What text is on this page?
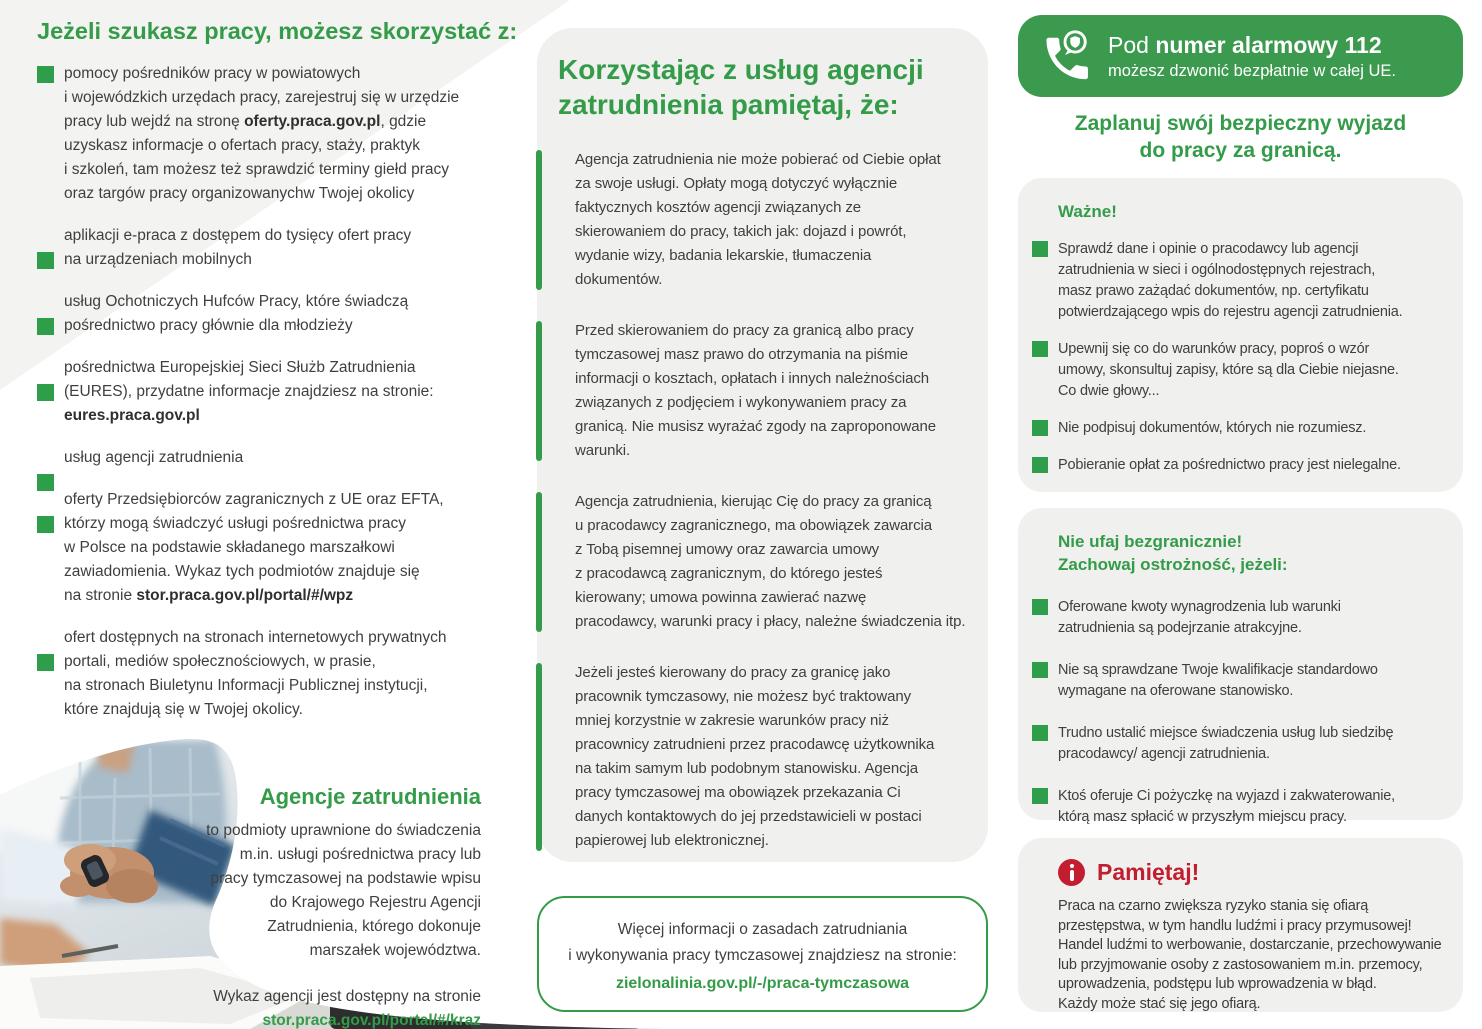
Jeżeli szukasz pracy, możesz skorzystać z:
pomocy pośredników pracy w powiatowych
i wojewódzkich urzędach pracy, zarejestruj się w urzędzie
pracy lub wejdź na stronę oferty.praca.gov.pl, gdzie
uzyskasz informacje o ofertach pracy, staży, praktyk
i szkoleń, tam możesz też sprawdzić terminy giełd pracy
oraz targów pracy organizowanychw Twojej okolicy
aplikacji e-praca z dostępem do tysięcy ofert pracy
na urządzeniach mobilnych
usług Ochotniczych Hufców Pracy, które świadczą
pośrednictwo pracy głównie dla młodzieży
pośrednictwa Europejskiej Sieci Służb Zatrudnienia
(EURES), przydatne informacje znajdziesz na stronie:
eures.praca.gov.pl
usług agencji zatrudnienia
oferty Przedsiębiorców zagranicznych z UE oraz EFTA,
którzy mogą świadczyć usługi pośrednictwa pracy
w Polsce na podstawie składanego marszałkowi
zawiadomienia. Wykaz tych podmiotów znajduje się
na stronie stor.praca.gov.pl/portal/#/wpz
ofert dostępnych na stronach internetowych prywatnych
portali, mediów społecznościowych, w prasie,
na stronach Biuletynu Informacji Publicznej instytucji,
które znajdują się w Twojej okolicy.
Agencje zatrudnienia
to podmioty uprawnione do świadczenia
m.in. usługi pośrednictwa pracy lub
pracy tymczasowej na podstawie wpisu
do Krajowego Rejestru Agencji
Zatrudnienia, którego dokonuje
marszałek województwa.
Wykaz agencji jest dostępny na stronie
stor.praca.gov.pl/portal/#/kraz
Korzystając z usług agencji
zatrudnienia pamiętaj, że:
Agencja zatrudnienia nie może pobierać od Ciebie opłat
za swoje usługi. Opłaty mogą dotyczyć wyłącznie
faktycznych kosztów agencji związanych ze
skierowaniem do pracy, takich jak: dojazd i powrót,
wydanie wizy, badania lekarskie, tłumaczenia
dokumentów.
Przed skierowaniem do pracy za granicą albo pracy
tymczasowej masz prawo do otrzymania na piśmie
informacji o kosztach, opłatach i innych należnościach
związanych z podjęciem i wykonywaniem pracy za
granicą. Nie musisz wyrażać zgody na zaproponowane
warunki.
Agencja zatrudnienia, kierując Cię do pracy za granicą
u pracodawcy zagranicznego, ma obowiązek zawarcia
z Tobą pisemnej umowy oraz zawarcia umowy
z pracodawcą zagranicznym, do którego jesteś
kierowany; umowa powinna zawierać nazwę
pracodawcy, warunki pracy i płacy, należne świadczenia itp.
Jeżeli jesteś kierowany do pracy za granicę jako
pracownik tymczasowy, nie możesz być traktowany
mniej korzystnie w zakresie warunków pracy niż
pracownicy zatrudnieni przez pracodawcę użytkownika
na takim samym lub podobnym stanowisku. Agencja
pracy tymczasowej ma obowiązek przekazania Ci
danych kontaktowych do jej przedstawicieli w postaci
papierowej lub elektronicznej.
Więcej informacji o zasadach zatrudniania
i wykonywania pracy tymczasowej znajdziesz na stronie:
zielonalinia.gov.pl/-/praca-tymczasowa
Pod numer alarmowy 112
możesz dzwonić bezpłatnie w całej UE.
Zaplanuj swój bezpieczny wyjazd
do pracy za granicą.
Ważne!
Sprawdź dane i opinie o pracodawcy lub agencji
zatrudnienia w sieci i ogólnodostępnych rejestrach,
masz prawo zażądać dokumentów, np. certyfikatu
potwierdzającego wpis do rejestru agencji zatrudnienia.
Upewnij się co do warunków pracy, poproś o wzór
umowy, skonsultuj zapisy, które są dla Ciebie niejasne.
Co dwie głowy...
Nie podpisuj dokumentów, których nie rozumiesz.
Pobieranie opłat za pośrednictwo pracy jest nielegalne.
Nie ufaj bezgranicznie!
Zachowaj ostrożność, jeżeli:
Oferowane kwoty wynagrodzenia lub warunki
zatrudnienia są podejrzanie atrakcyjne.
Nie są sprawdzane Twoje kwalifikacje standardowo
wymagane na oferowane stanowisko.
Trudno ustalić miejsce świadczenia usług lub siedzibę
pracodawcy/ agencji zatrudnienia.
Ktoś oferuje Ci pożyczkę na wyjazd i zakwaterowanie,
którą masz spłacić w przyszłym miejscu pracy.
Pamiętaj!
Praca na czarno zwiększa ryzyko stania się ofiarą
przestępstwa, w tym handlu ludźmi i pracy przymusowej!
Handel ludźmi to werbowanie, dostarczanie, przechowywanie
lub przyjmowanie osoby z zastosowaniem m.in. przemocy,
uprowadzenia, podstępu lub wprowadzenia w błąd.
Każdy może stać się jego ofiarą.
